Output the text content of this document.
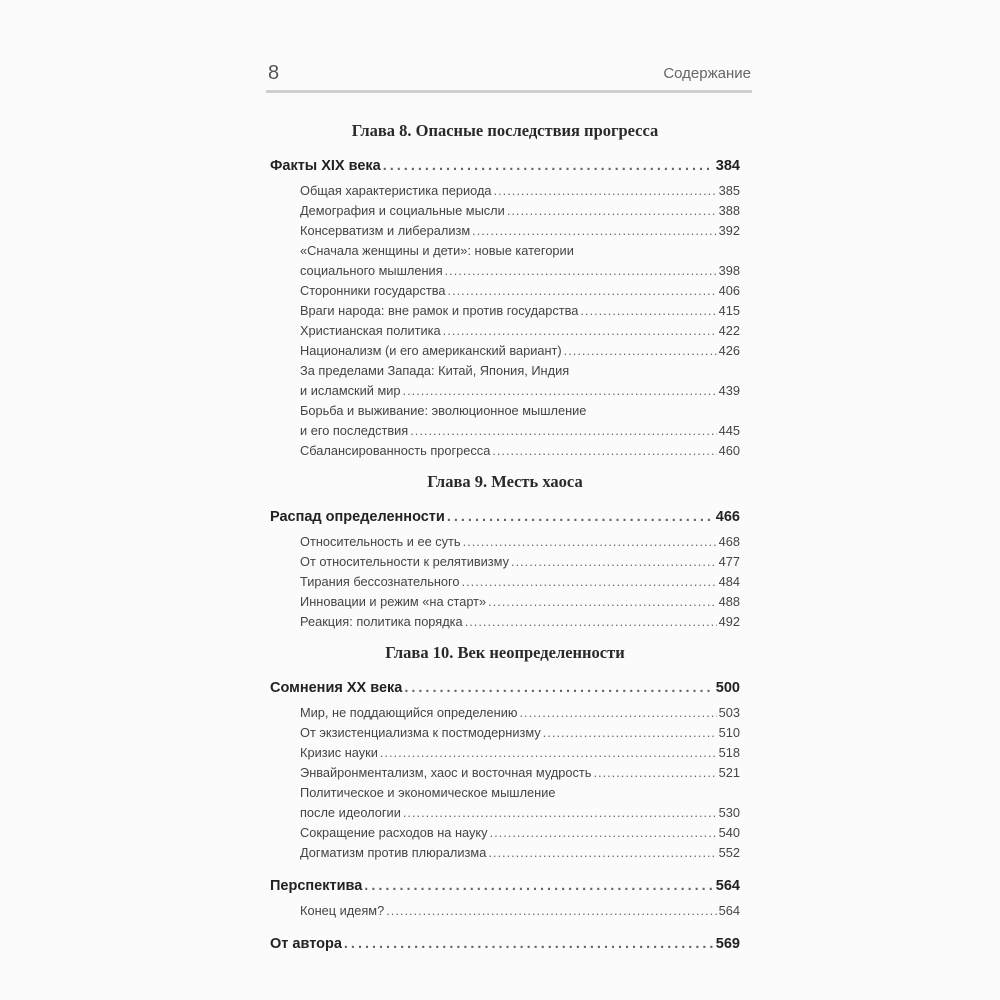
8	Содержание
Глава 8. Опасные последствия прогресса
Факты XIX века .....	384
Общая характеристика периода .....	385
Демография и социальные мысли .....	388
Консерватизм и либерализм .....	392
«Сначала женщины и дети»: новые категории
социального мышления .....	398
Сторонники государства .....	406
Враги народа: вне рамок и против государства .....	415
Христианская политика .....	422
Национализм (и его американский вариант) .....	426
За пределами Запада: Китай, Япония, Индия
и исламский мир .....	439
Борьба и выживание: эволюционное мышление
и его последствия .....	445
Сбалансированность прогресса .....	460
Глава 9. Месть хаоса
Распад определенности .....	466
Относительность и ее суть .....	468
От относительности к релятивизму .....	477
Тирания бессознательного .....	484
Инновации и режим «на старт» .....	488
Реакция: политика порядка .....	492
Глава 10. Век неопределенности
Сомнения XX века .....	500
Мир, не поддающийся определению .....	503
От экзистенциализма к постмодернизму .....	510
Кризис науки .....	518
Энвайронментализм, хаос и восточная мудрость .....	521
Политическое и экономическое мышление
после идеологии .....	530
Сокращение расходов на науку .....	540
Догматизм против плюрализма .....	552
Перспектива .....	564
Конец идеям? .....	564
От автора .....	569
